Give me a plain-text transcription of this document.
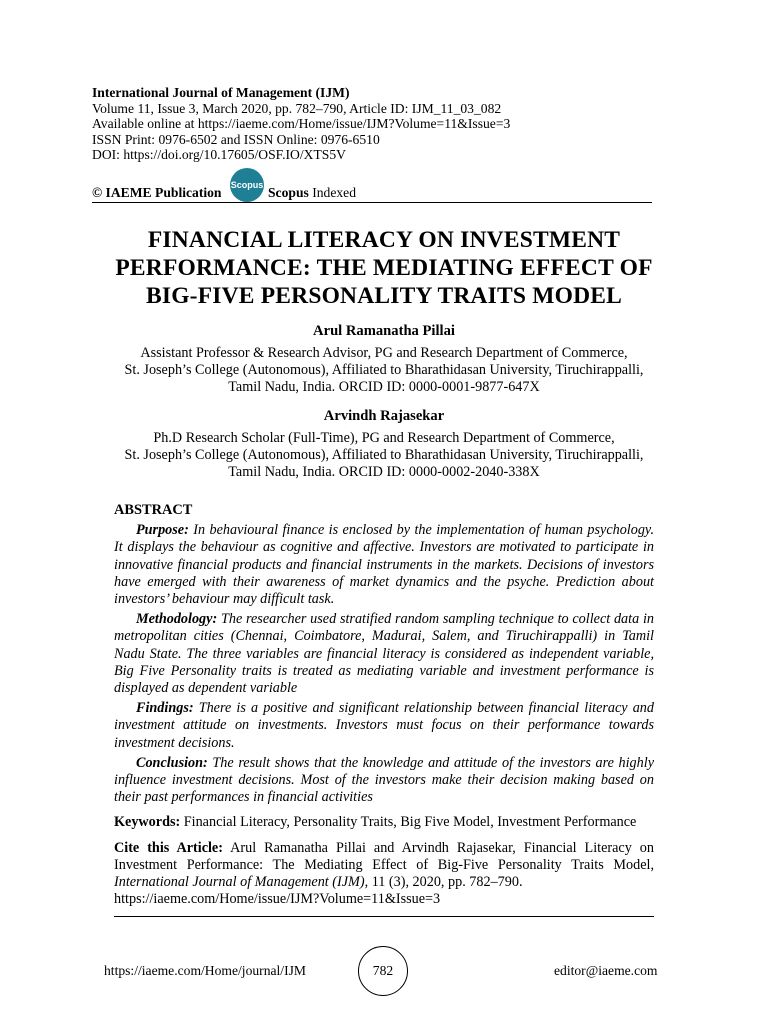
International Journal of Management (IJM)
Volume 11, Issue 3, March 2020, pp. 782–790, Article ID: IJM_11_03_082
Available online at https://iaeme.com/Home/issue/IJM?Volume=11&Issue=3
ISSN Print: 0976-6502 and ISSN Online: 0976-6510
DOI: https://doi.org/10.17605/OSF.IO/XTS5V
© IAEME Publication Scopus Scopus Indexed
FINANCIAL LITERACY ON INVESTMENT
PERFORMANCE: THE MEDIATING EFFECT OF
BIG-FIVE PERSONALITY TRAITS MODEL
Arul Ramanatha Pillai
Assistant Professor & Research Advisor, PG and Research Department of Commerce,
St. Joseph’s College (Autonomous), Affiliated to Bharathidasan University, Tiruchirappalli,
Tamil Nadu, India. ORCID ID: 0000-0001-9877-647X
Arvindh Rajasekar
Ph.D Research Scholar (Full-Time), PG and Research Department of Commerce,
St. Joseph’s College (Autonomous), Affiliated to Bharathidasan University, Tiruchirappalli,
Tamil Nadu, India. ORCID ID: 0000-0002-2040-338X
ABSTRACT

Purpose: In behavioural finance is enclosed by the implementation of human psychology. It displays the behaviour as cognitive and affective. Investors are motivated to participate in innovative financial products and financial instruments in the markets. Decisions of investors have emerged with their awareness of market dynamics and the psyche. Prediction about investors’ behaviour may difficult task.

Methodology: The researcher used stratified random sampling technique to collect data in metropolitan cities (Chennai, Coimbatore, Madurai, Salem, and Tiruchirappalli) in Tamil Nadu State. The three variables are financial literacy is considered as independent variable, Big Five Personality traits is treated as mediating variable and investment performance is displayed as dependent variable

Findings: There is a positive and significant relationship between financial literacy and investment attitude on investments. Investors must focus on their performance towards investment decisions.

Conclusion: The result shows that the knowledge and attitude of the investors are highly influence investment decisions. Most of the investors make their decision making based on their past performances in financial activities

Keywords: Financial Literacy, Personality Traits, Big Five Model, Investment Performance
Cite this Article: Arul Ramanatha Pillai and Arvindh Rajasekar, Financial Literacy on Investment Performance: The Mediating Effect of Big-Five Personality Traits Model, International Journal of Management (IJM), 11 (3), 2020, pp. 782–790.
https://iaeme.com/Home/issue/IJM?Volume=11&Issue=3
https://iaeme.com/Home/journal/IJM	782	editor@iaeme.com
